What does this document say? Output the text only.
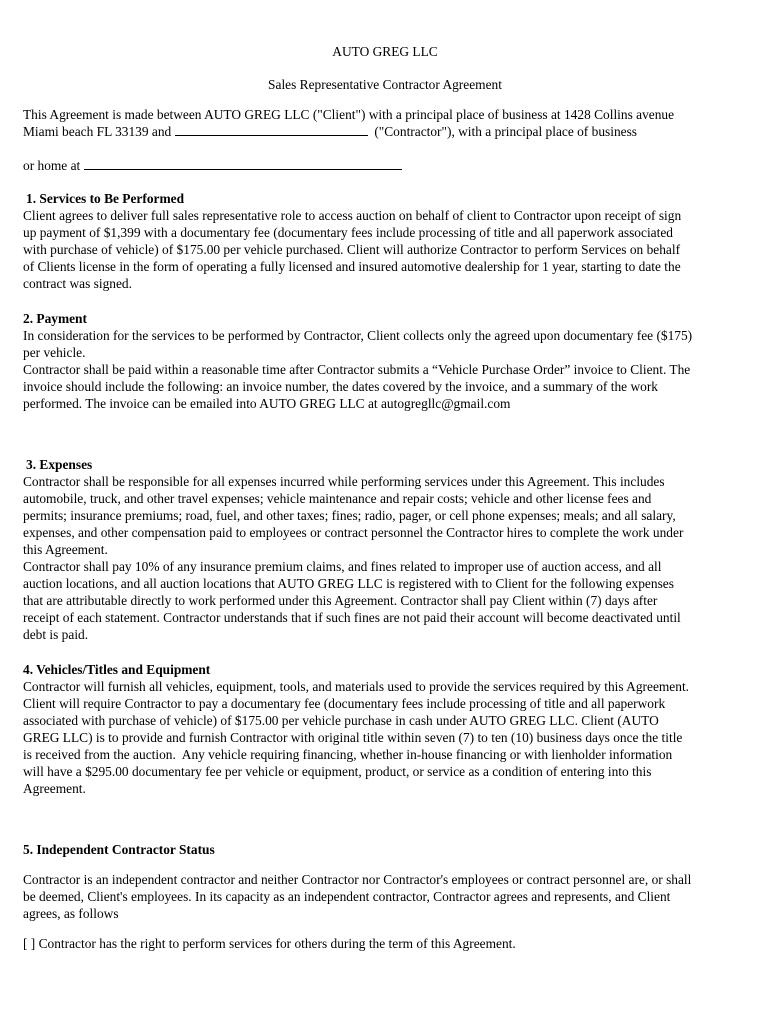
AUTO GREG LLC
Sales Representative Contractor Agreement
This Agreement is made between AUTO GREG LLC ("Client") with a principal place of business at 1428 Collins avenue
Miami beach FL 33139 and	("Contractor"), with a principal place of business
or home at
1. Services to Be Performed
Client agrees to deliver full sales representative role to access auction on behalf of client to Contractor upon receipt of sign
up payment of $1,399 with a documentary fee (documentary fees include processing of title and all paperwork associated
with purchase of vehicle) of $175.00 per vehicle purchased. Client will authorize Contractor to perform Services on behalf
of Clients license in the form of operating a fully licensed and insured automotive dealership for 1 year, starting to date the
contract was signed.
2. Payment
In consideration for the services to be performed by Contractor, Client collects only the agreed upon documentary fee ($175)
per vehicle.
Contractor shall be paid within a reasonable time after Contractor submits a “Vehicle Purchase Order” invoice to Client. The
invoice should include the following: an invoice number, the dates covered by the invoice, and a summary of the work
performed. The invoice can be emailed into AUTO GREG LLC at autogregllc@gmail.com
3. Expenses
Contractor shall be responsible for all expenses incurred while performing services under this Agreement. This includes
automobile, truck, and other travel expenses; vehicle maintenance and repair costs; vehicle and other license fees and
permits; insurance premiums; road, fuel, and other taxes; fines; radio, pager, or cell phone expenses; meals; and all salary,
expenses, and other compensation paid to employees or contract personnel the Contractor hires to complete the work under
this Agreement.
Contractor shall pay 10% of any insurance premium claims, and fines related to improper use of auction access, and all
auction locations, and all auction locations that AUTO GREG LLC is registered with to Client for the following expenses
that are attributable directly to work performed under this Agreement. Contractor shall pay Client within (7) days after
receipt of each statement. Contractor understands that if such fines are not paid their account will become deactivated until
debt is paid.
4. Vehicles/Titles and Equipment
Contractor will furnish all vehicles, equipment, tools, and materials used to provide the services required by this Agreement.
Client will require Contractor to pay a documentary fee (documentary fees include processing of title and all paperwork
associated with purchase of vehicle) of $175.00 per vehicle purchase in cash under AUTO GREG LLC. Client (AUTO
GREG LLC) is to provide and furnish Contractor with original title within seven (7) to ten (10) business days once the title
is received from the auction.  Any vehicle requiring financing, whether in-house financing or with lienholder information
will have a $295.00 documentary fee per vehicle or equipment, product, or service as a condition of entering into this
Agreement.
5. Independent Contractor Status
Contractor is an independent contractor and neither Contractor nor Contractor's employees or contract personnel are, or shall
be deemed, Client's employees. In its capacity as an independent contractor, Contractor agrees and represents, and Client
agrees, as follows
[ ] Contractor has the right to perform services for others during the term of this Agreement.
